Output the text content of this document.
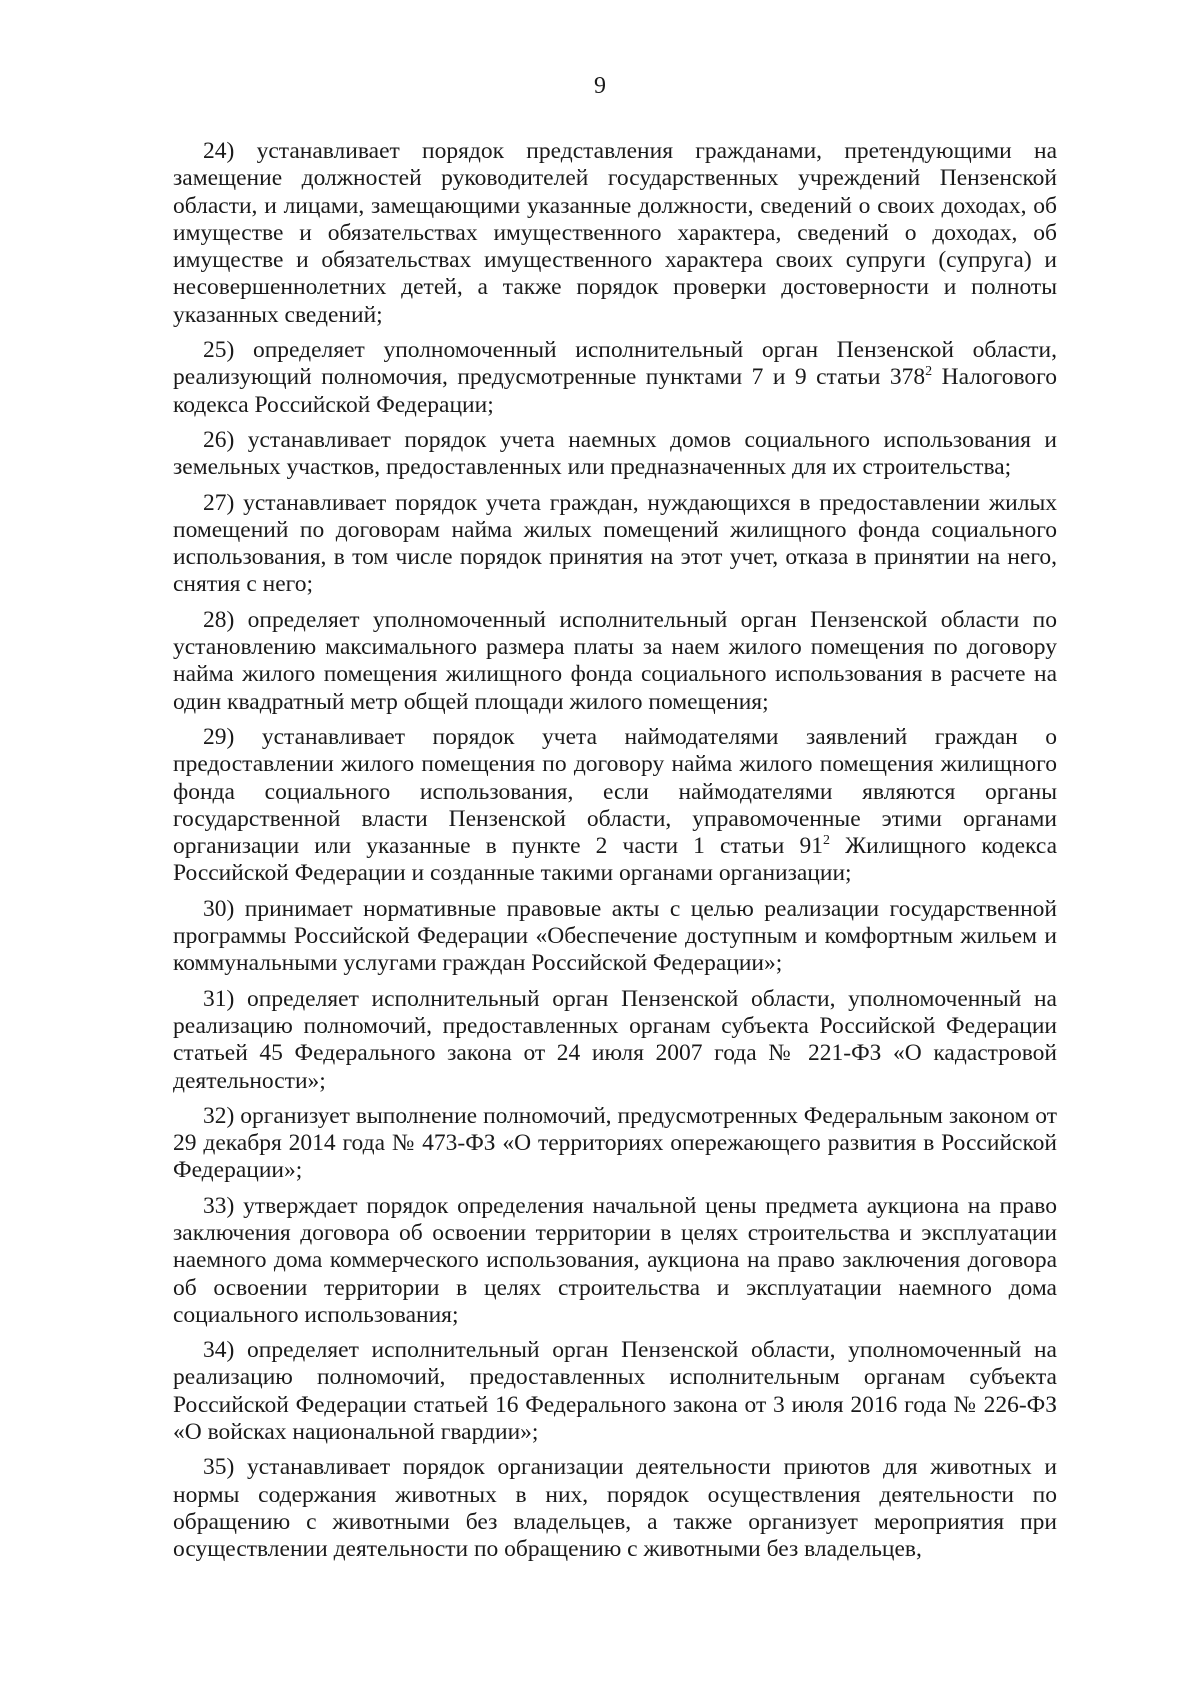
9

24) устанавливает порядок представления гражданами, претендующими на замещение должностей руководителей государственных учреждений Пензенской области, и лицами, замещающими указанные должности, сведений о своих доходах, об имуществе и обязательствах имущественного характера, сведений о доходах, об имуществе и обязательствах имущественного характера своих супруги (супруга) и несовершеннолетних детей, а также порядок проверки достоверности и полноты указанных сведений;

25) определяет уполномоченный исполнительный орган Пензенской области, реализующий полномочия, предусмотренные пунктами 7 и 9 статьи $378^2$ Налогового кодекса Российской Федерации;

26) устанавливает порядок учета наемных домов социального использования и земельных участков, предоставленных или предназначенных для их строительства;

27) устанавливает порядок учета граждан, нуждающихся в предоставлении жилых помещений по договорам найма жилых помещений жилищного фонда социального использования, в том числе порядок принятия на этот учет, отказа в принятии на него, снятия с него;

28) определяет уполномоченный исполнительный орган Пензенской области по установлению максимального размера платы за наем жилого помещения по договору найма жилого помещения жилищного фонда социального использования в расчете на один квадратный метр общей площади жилого помещения;

29) устанавливает порядок учета наймодателями заявлений граждан о предоставлении жилого помещения по договору найма жилого помещения жилищного фонда социального использования, если наймодателями являются органы государственной власти Пензенской области, управомоченные этими органами организации или указанные в пункте 2 части 1 статьи $91^2$ Жилищного кодекса Российской Федерации и созданные такими органами организации;

30) принимает нормативные правовые акты с целью реализации государственной программы Российской Федерации «Обеспечение доступным и комфортным жильем и коммунальными услугами граждан Российской Федерации»;

31) определяет исполнительный орган Пензенской области, уполномоченный на реализацию полномочий, предоставленных органам субъекта Российской Федерации статьей 45 Федерального закона от 24 июля 2007 года № 221-ФЗ «О кадастровой деятельности»;

32) организует выполнение полномочий, предусмотренных Федеральным законом от 29 декабря 2014 года № 473-ФЗ «О территориях опережающего развития в Российской Федерации»;

33) утверждает порядок определения начальной цены предмета аукциона на право заключения договора об освоении территории в целях строительства и эксплуатации наемного дома коммерческого использования, аукциона на право заключения договора об освоении территории в целях строительства и эксплуатации наемного дома социального использования;

34) определяет исполнительный орган Пензенской области, уполномоченный на реализацию полномочий, предоставленных исполнительным органам субъекта Российской Федерации статьей 16 Федерального закона от 3 июля 2016 года № 226-ФЗ «О войсках национальной гвардии»;

35) устанавливает порядок организации деятельности приютов для животных и нормы содержания животных в них, порядок осуществления деятельности по обращению с животными без владельцев, а также организует мероприятия при осуществлении деятельности по обращению с животными без владельцев,
